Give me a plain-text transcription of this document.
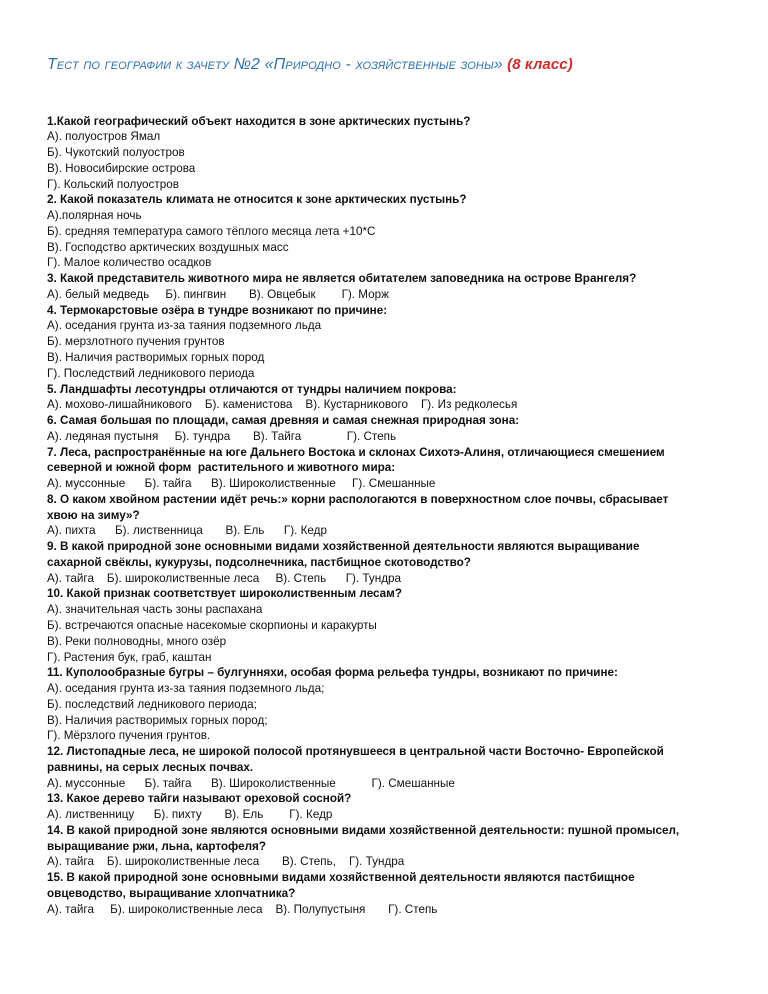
Тест по географии к зачету №2 «Природно - хозяйственные зоны» (8 класс)
1.Какой географический объект находится в зоне арктических пустынь?
А). полуостров Ямал
Б). Чукотский полуостров
В). Новосибирские острова
Г). Кольский полуостров
2. Какой показатель климата не относится к зоне арктических пустынь?
А).полярная ночь
Б). средняя температура самого тёплого месяца лета +10*С
В). Господство арктических воздушных масс
Г). Малое количество осадков
3. Какой представитель животного мира не является обитателем заповедника на острове Врангеля?
А). белый медведь     Б). пингвин       В). Овцебык        Г). Морж
4. Термокарстовые озёра в тундре возникают по причине:
А). оседания грунта из-за таяния подземного льда
Б). мерзлотного пучения грунтов
В). Наличия растворимых горных пород
Г). Последствий ледникового периода
5. Ландшафты лесотундры отличаются от тундры наличием покрова:
А). мохово-лишайникового    Б). каменистова    В). Кустарникового    Г). Из редколесья
6. Самая большая по площади, самая древняя и самая снежная природная зона:
А). ледяная пустыня     Б). тундра       В). Тайга              Г). Степь
7. Леса, распространённые на юге Дальнего Востока и склонах Сихотэ-Алиня, отличающиеся смешением
северной и южной форм  растительного и животного мира:
А). муссонные      Б). тайга      В). Широколиственные     Г). Смешанные
8. О каком хвойном растении идёт речь:» корни распологаются в поверхностном слое почвы, сбрасывает
хвою на зиму»?
А). пихта      Б). лиственница       В). Ель      Г). Кедр
9. В какой природной зоне основными видами хозяйственной деятельности являются выращивание
сахарной свёклы, кукурузы, подсолнечника, пастбищное скотоводство?
А). тайга    Б). широколиственные леса     В). Степь      Г). Тундра
10. Какой признак соответствует широколиственным лесам?
А). значительная часть зоны распахана
Б). встречаются опасные насекомые скорпионы и каракурты
В). Реки полноводны, много озёр
Г). Растения бук, граб, каштан
11. Куполообразные бугры – булгунняхи, особая форма рельефа тундры, возникают по причине:
А). оседания грунта из-за таяния подземного льда;
Б). последствий ледникового периода;
В). Наличия растворимых горных пород;
Г). Мёрзлого пучения грунтов.
12. Листопадные леса, не широкой полосой протянувшееся в центральной части Восточно- Европейской
равнины, на серых лесных почвах.
А). муссонные      Б). тайга      В). Широколиственные           Г). Смешанные
13. Какое дерево тайги называют ореховой сосной?
А). лиственницу      Б). пихту       В). Ель        Г). Кедр
14. В какой природной зоне являются основными видами хозяйственной деятельности: пушной промысел,
выращивание ржи, льна, картофеля?
А). тайга    Б). широколиственные леса       В). Степь,    Г). Тундра
15. В какой природной зоне основными видами хозяйственной деятельности являются пастбищное
овцеводство, выращивание хлопчатника?
А). тайга     Б). широколиственные леса    В). Полупустыня       Г). Степь
